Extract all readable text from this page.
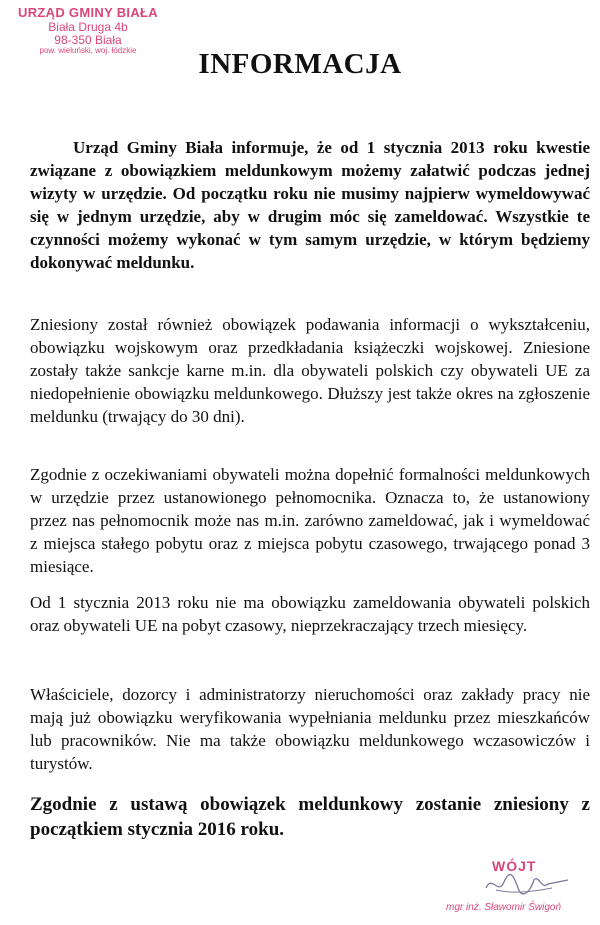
URZĄD GMINY BIAŁA
Biała Druga 4b
98-350 Biała
pow. wieluński, woj. łódzkie	INFORMACJA

Urząd Gminy Biała informuje, że od 1 stycznia 2013 roku kwestie związane z obowiązkiem meldunkowym możemy załatwić podczas jednej wizyty w urzędzie. Od początku roku nie musimy najpierw wymeldowywać się w jednym urzędzie, aby w drugim móc się zameldować. Wszystkie te czynności możemy wykonać w tym samym urzędzie, w którym będziemy dokonywać meldunku.

Zniesiony został również obowiązek podawania informacji o wykształceniu, obowiązku wojskowym oraz przedkładania książeczki wojskowej. Zniesione zostały także sankcje karne m.in. dla obywateli polskich czy obywateli UE za niedopełnienie obowiązku meldunkowego. Dłuższy jest także okres na zgłoszenie meldunku (trwający do 30 dni).

Zgodnie z oczekiwaniami obywateli można dopełnić formalności meldunkowych w urzędzie przez ustanowionego pełnomocnika. Oznacza to, że ustanowiony przez nas pełnomocnik może nas m.in. zarówno zameldować, jak i wymeldować z miejsca stałego pobytu oraz z miejsca pobytu czasowego, trwającego ponad 3 miesiące.

Od 1 stycznia 2013 roku nie ma obowiązku zameldowania obywateli polskich oraz obywateli UE na pobyt czasowy, nieprzekraczający trzech miesięcy.

Właściciele, dozorcy i administratorzy nieruchomości oraz zakłady pracy nie mają już obowiązku weryfikowania wypełniania meldunku przez mieszkańców lub pracowników. Nie ma także obowiązku meldunkowego wczasowiczów i turystów.

Zgodnie z ustawą obowiązek meldunkowy zostanie zniesiony z początkiem stycznia 2016 roku.

WÓJT
mgr inż. Sławomir Świgoń
